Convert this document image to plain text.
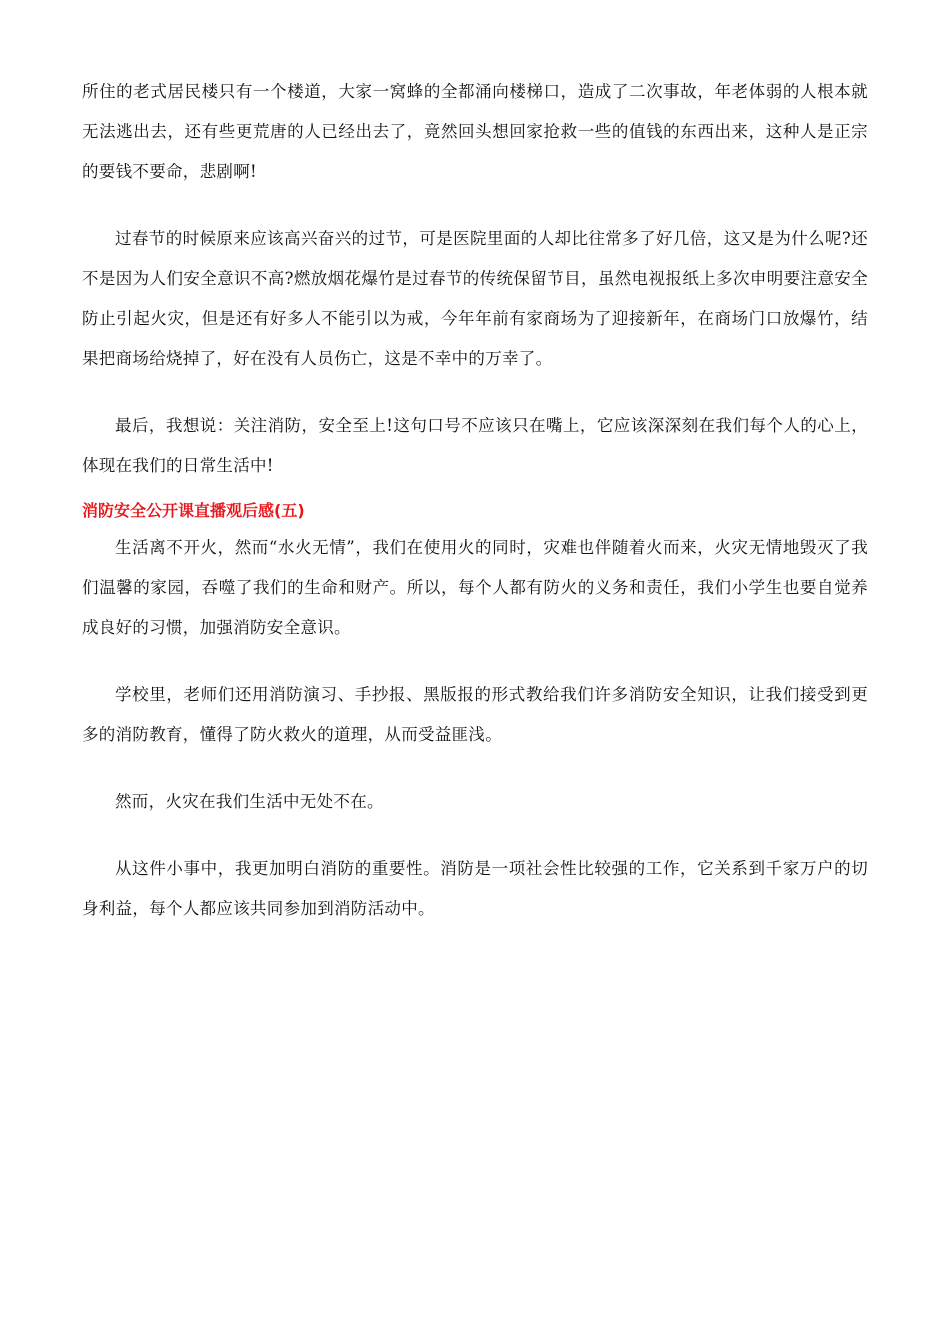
所住的老式居民楼只有一个楼道，大家一窝蜂的全都涌向楼梯口，造成了二次事故，年老体弱的人根本就无法逃出去，还有些更荒唐的人已经出去了，竟然回头想回家抢救一些的值钱的东西出来，这种人是正宗的要钱不要命，悲剧啊!

过春节的时候原来应该高兴奋兴的过节，可是医院里面的人却比往常多了好几倍，这又是为什么呢?还不是因为人们安全意识不高?燃放烟花爆竹是过春节的传统保留节目，虽然电视报纸上多次申明要注意安全防止引起火灾，但是还有好多人不能引以为戒，今年年前有家商场为了迎接新年，在商场门口放爆竹，结果把商场给烧掉了，好在没有人员伤亡，这是不幸中的万幸了。

最后，我想说：关注消防，安全至上!这句口号不应该只在嘴上，它应该深深刻在我们每个人的心上，体现在我们的日常生活中!

消防安全公开课直播观后感(五)

生活离不开火，然而“水火无情”，我们在使用火的同时，灾难也伴随着火而来，火灾无情地毁灭了我们温馨的家园，吞噬了我们的生命和财产。所以，每个人都有防火的义务和责任，我们小学生也要自觉养成良好的习惯，加强消防安全意识。

学校里，老师们还用消防演习、手抄报、黑版报的形式教给我们许多消防安全知识，让我们接受到更多的消防教育，懂得了防火救火的道理，从而受益匪浅。

然而，火灾在我们生活中无处不在。

从这件小事中，我更加明白消防的重要性。消防是一项社会性比较强的工作，它关系到千家万户的切身利益，每个人都应该共同参加到消防活动中。
